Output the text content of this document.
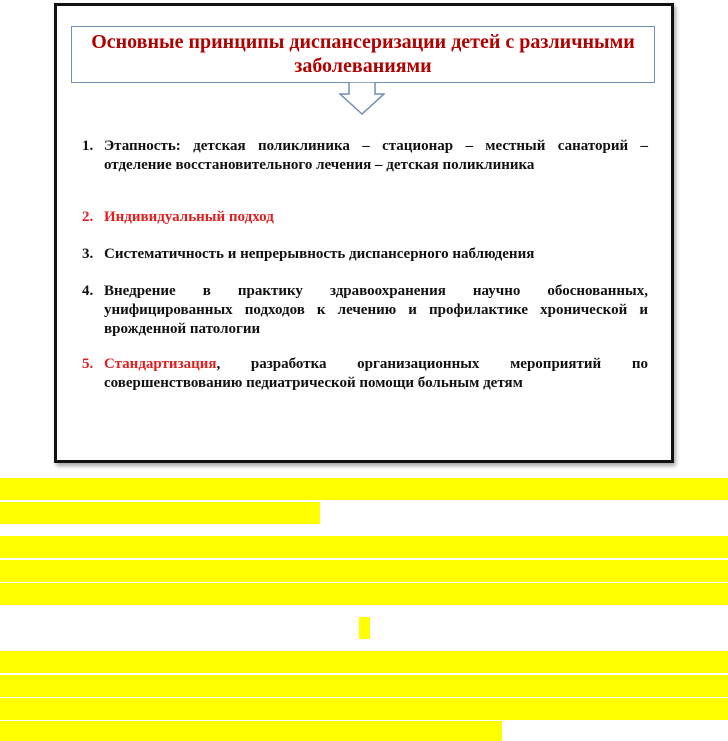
Основные принципы диспансеризации детей с различными заболеваниями

1. Этапность: детская поликлиника – стационар – местный санаторий – отделение восстановительного лечения – детская поликлиника
2. Индивидуальный подход
3. Систематичность и непрерывность диспансерного наблюдения
4. Внедрение в практику здравоохранения научно обоснованных, унифицированных подходов к лечению и профилактике хронической и врожденной патологии
5. Стандартизация, разработка организационных мероприятий по совершенствованию педиатрической помощи больным детям
